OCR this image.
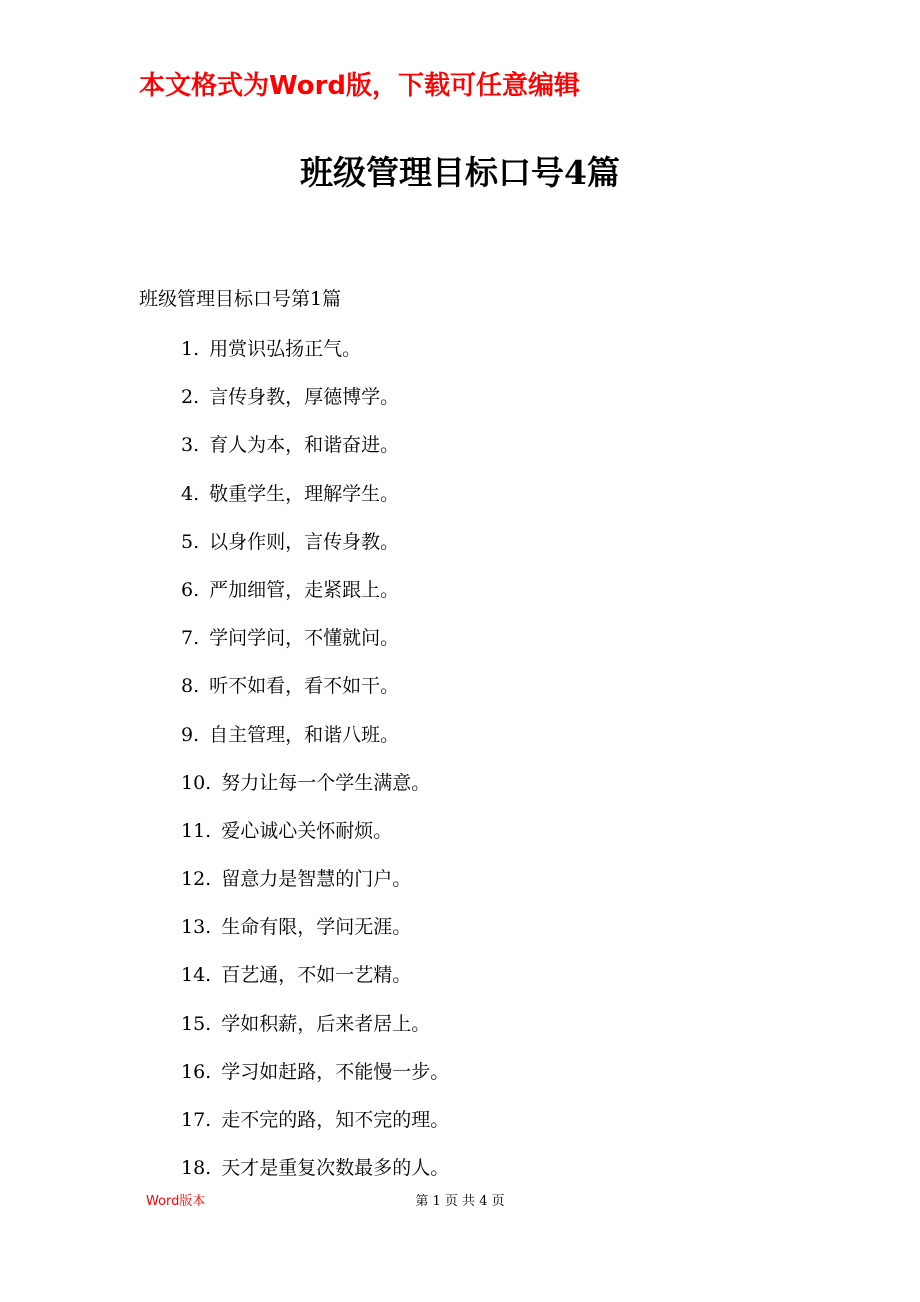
本文格式为Word版，下载可任意编辑
班级管理目标口号4篇
班级管理目标口号第1篇
1. 用赏识弘扬正气。
2. 言传身教，厚德博学。
3. 育人为本，和谐奋进。
4. 敬重学生，理解学生。
5. 以身作则，言传身教。
6. 严加细管，走紧跟上。
7. 学问学问，不懂就问。
8. 听不如看，看不如干。
9. 自主管理，和谐八班。
10. 努力让每一个学生满意。
11. 爱心诚心关怀耐烦。
12. 留意力是智慧的门户。
13. 生命有限，学问无涯。
14. 百艺通，不如一艺精。
15. 学如积薪，后来者居上。
16. 学习如赶路，不能慢一步。
17. 走不完的路，知不完的理。
18. 天才是重复次数最多的人。
Word版本	第 1 页 共 4 页
